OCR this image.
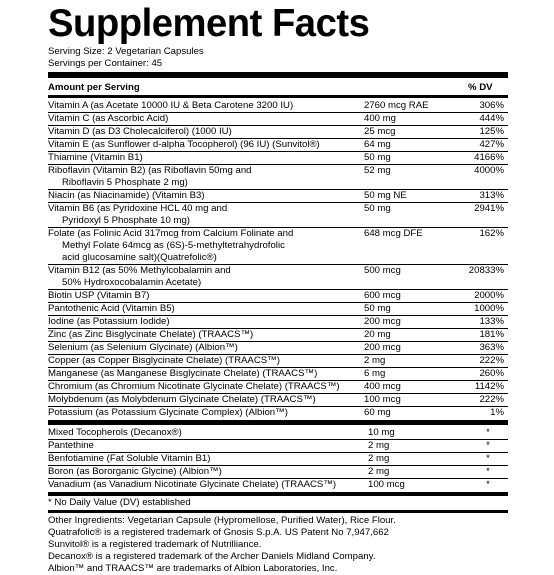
Supplement Facts
Serving Size: 2 Vegetarian Capsules
Servings per Container: 45
Amount per Serving	% DV
Vitamin A (as Acetate 10000 IU & Beta Carotene 3200 IU)	2760 mcg RAE	306%
Vitamin C (as Ascorbic Acid)	400 mg	444%
Vitamin D (as D3 Cholecalciferol) (1000 IU)	25 mcg	125%
Vitamin E (as Sunflower d-alpha Tocopherol) (96 IU) (Sunvitol®)	64 mg	427%
Thiamine (Vitamin B1)	50 mg	4166%
Riboflavin (Vitamin B2) (as Riboflavin 50mg and
Riboflavin 5 Phosphate 2 mg)
52 mg	4000%
Niacin (as Niacinamide) (Vitamin B3)	50 mg NE	313%
Vitamin B6 (as Pyridoxine HCL 40 mg and
Pyridoxyl 5 Phosphate 10 mg)
50 mg	2941%
Folate (as Folinic Acid 317mcg from Calcium Folinate and
Methyl Folate 64mcg as (6S)-5-methyltetrahydrofolic
acid glucosamine salt)(Quatrefolic®)
648 mcg DFE	162%
Vitamin B12 (as 50% Methylcobalamin and
50% Hydroxocobalamin Acetate)
500 mcg	20833%
Biotin USP (Vitamin B7)	600 mcg	2000%
Pantothenic Acid (Vitamin B5)	50 mg	1000%
Iodine (as Potassium Iodide)	200 mcg	133%
Zinc (as Zinc Bisglycinate Chelate) (TRAACS™)	20 mg	181%
Selenium (as Selenium Glycinate) (Albion™)	200 mcg	363%
Copper (as Copper Bisglycinate Chelate) (TRAACS™)	2 mg	222%
Manganese (as Manganese Bisglycinate Chelate) (TRAACS™)	6 mg	260%
Chromium (as Chromium Nicotinate Glycinate Chelate) (TRAACS™)	400 mcg	1142%
Molybdenum (as Molybdenum Glycinate Chelate) (TRAACS™)	100 mcg	222%
Potassium (as Potassium Glycinate Complex) (Albion™)	60 mg	1%
Mixed Tocopherols (Decanox®)	10 mg	*
Pantethine	2 mg	*
Benfotiamine (Fat Soluble Vitamin B1)	2 mg	*
Boron (as Bororganic Glycine) (Albion™)	2 mg	*
Vanadium (as Vanadium Nicotinate Glycinate Chelate) (TRAACS™)	100 mcg	*
* No Daily Value (DV) established
Other Ingredients: Vegetarian Capsule (Hypromellose, Purified Water), Rice Flour.
Quatrafolic® is a registered trademark of Gnosis S.p.A. US Patent No 7,947,662
Sunvitol® is a registered trademark of Nutrilliance.
Decanox® is a registered trademark of the Archer Daniels Midland Company.
Albion™ and TRAACS™ are trademarks of Albion Laboratories, Inc.
